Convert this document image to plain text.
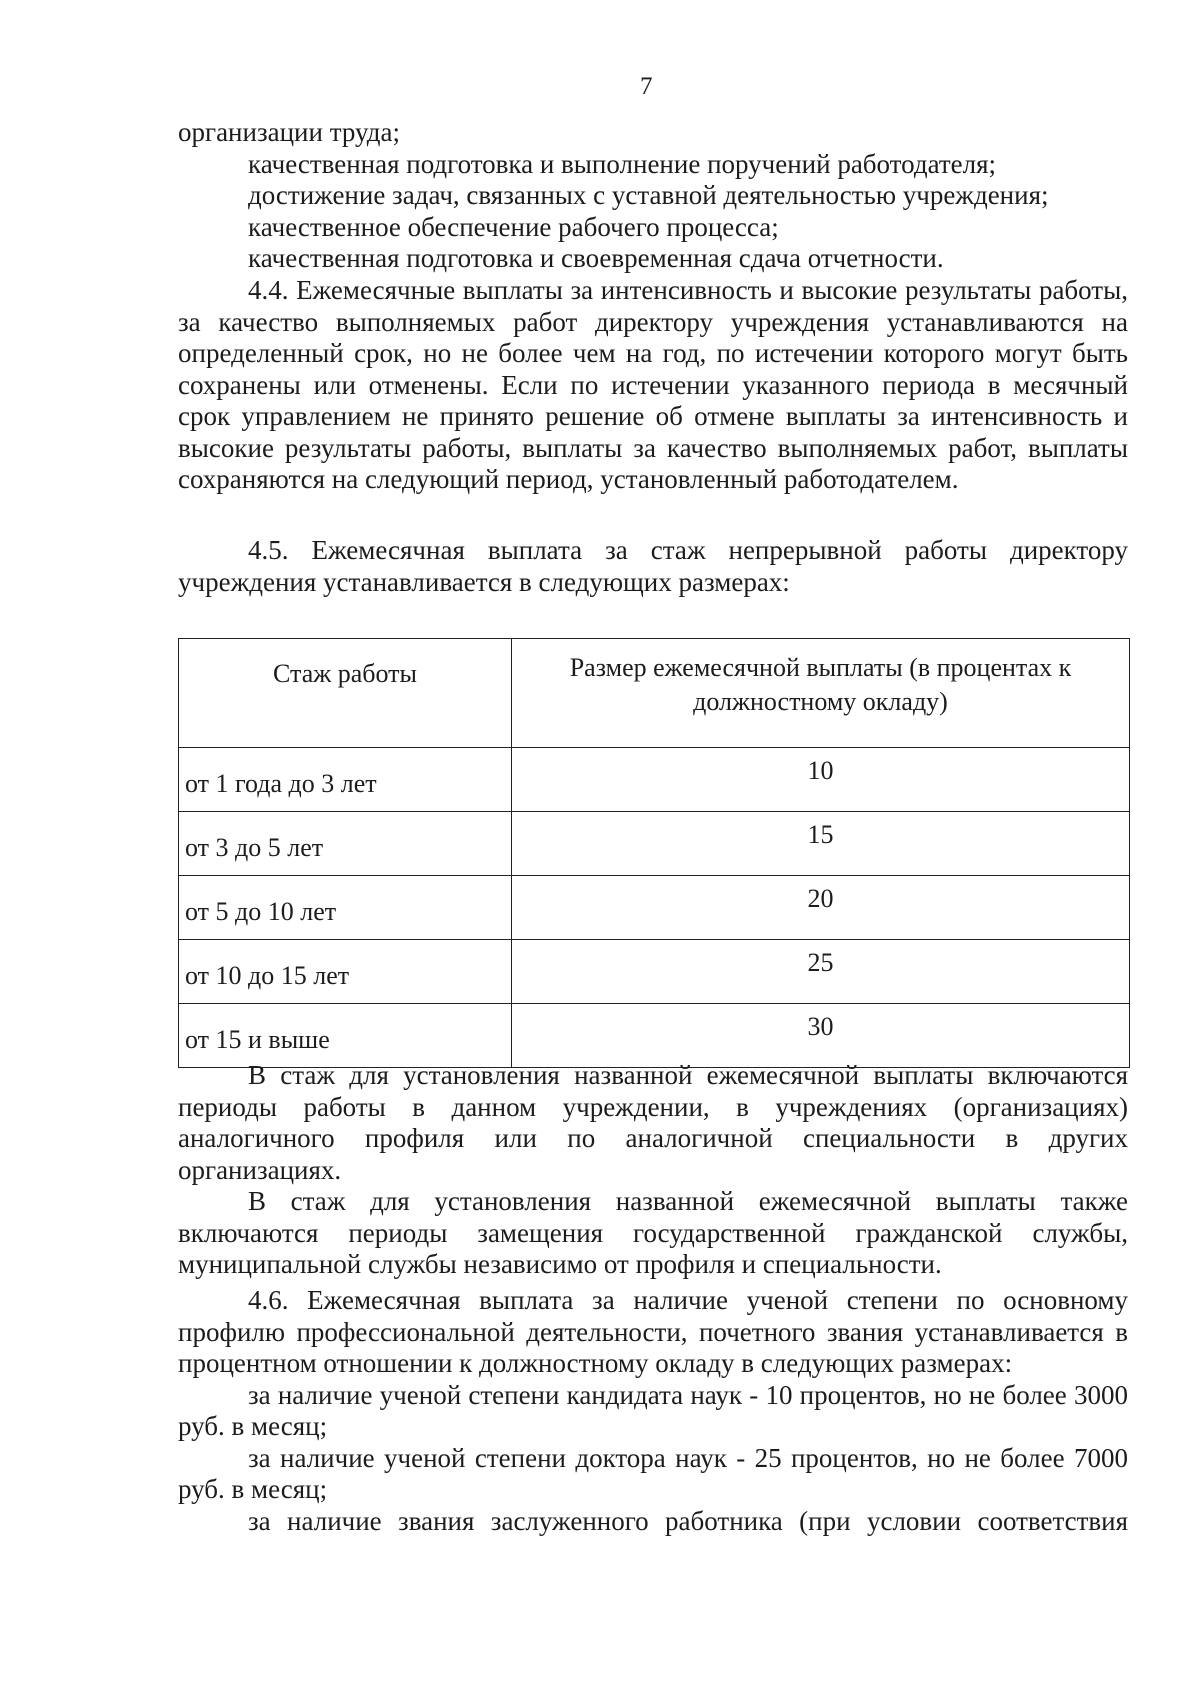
7

организации труда;

качественная подготовка и выполнение поручений работодателя;

достижение задач, связанных с уставной деятельностью учреждения;

качественное обеспечение рабочего процесса;

качественная подготовка и своевременная сдача отчетности.

4.4. Ежемесячные выплаты за интенсивность и высокие результаты работы, за качество выполняемых работ директору учреждения устанавливаются на определенный срок, но не более чем на год, по истечении которого могут быть сохранены или отменены. Если по истечении указанного периода в месячный срок управлением не принято решение об отмене выплаты за интенсивность и высокие результаты работы, выплаты за качество выполняемых работ, выплаты сохраняются на следующий период, установленный работодателем.

4.5. Ежемесячная выплата за стаж непрерывной работы директору учреждения устанавливается в следующих размерах:

Стаж работы	Размер ежемесячной выплаты (в процентах к должностному окладу)
от 1 года до 3 лет	10
от 3 до 5 лет	15
от 5 до 10 лет	20
от 10 до 15 лет	25
от 15 и выше	30

В стаж для установления названной ежемесячной выплаты включаются периоды работы в данном учреждении, в учреждениях (организациях) аналогичного профиля или по аналогичной специальности в других организациях.

В стаж для установления названной ежемесячной выплаты также включаются периоды замещения государственной гражданской службы, муниципальной службы независимо от профиля и специальности.

4.6. Ежемесячная выплата за наличие ученой степени по основному профилю профессиональной деятельности, почетного звания устанавливается в процентном отношении к должностному окладу в следующих размерах:

за наличие ученой степени кандидата наук - 10 процентов, но не более 3000 руб. в месяц;

за наличие ученой степени доктора наук - 25 процентов, но не более 7000 руб. в месяц;

за наличие звания заслуженного работника (при условии соответствия
